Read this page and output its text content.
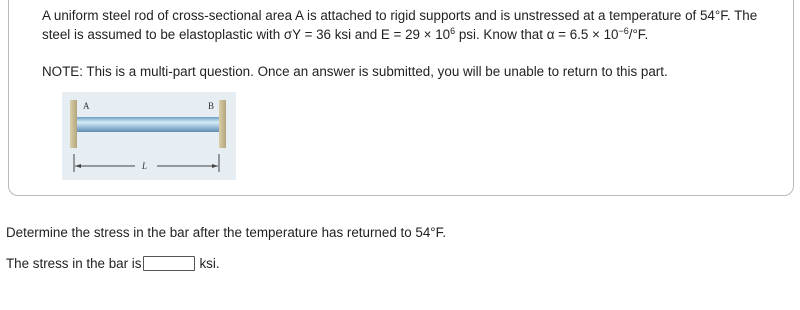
A uniform steel rod of cross-sectional area A is attached to rigid supports and is unstressed at a temperature of 54°F. The

steel is assumed to be elastoplastic with σY = 36 ksi and $E = 29 \times 10^6$ psi. Know that $\alpha = 6.5 \times 10^{-6}/^\circ F$.

NOTE: This is a multi-part question. Once an answer is submitted, you will be unable to return to this part.
A	B
L
Determine the stress in the bar after the temperature has returned to 54°F.
The stress in the bar is	ksi.
